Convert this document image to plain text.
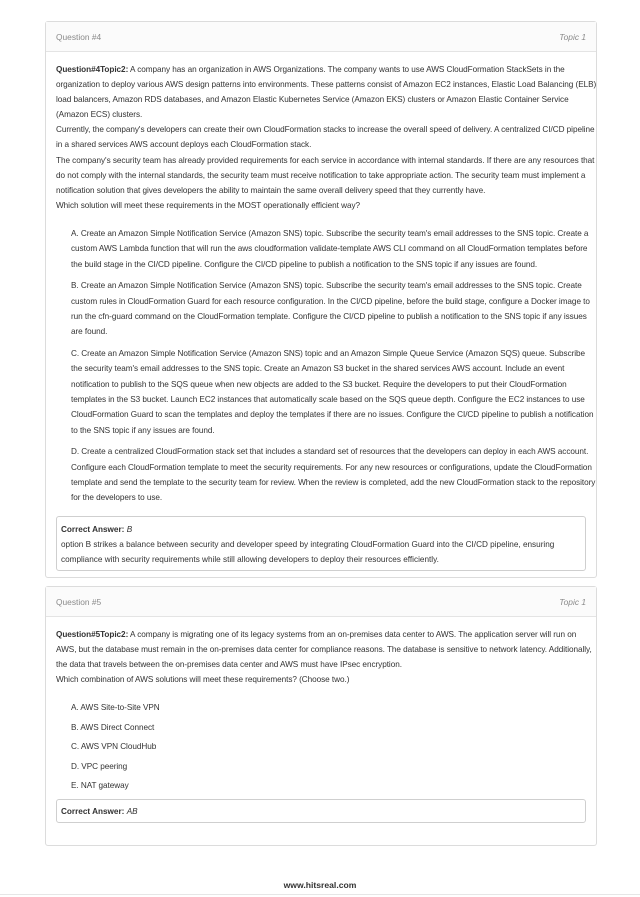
Question #4	Topic 1

Question#4Topic2: A company has an organization in AWS Organizations. The company wants to use AWS CloudFormation StackSets in the organization to deploy various AWS design patterns into environments. These patterns consist of Amazon EC2 instances, Elastic Load Balancing (ELB) load balancers, Amazon RDS databases, and Amazon Elastic Kubernetes Service (Amazon EKS) clusters or Amazon Elastic Container Service (Amazon ECS) clusters.

Currently, the company's developers can create their own CloudFormation stacks to increase the overall speed of delivery. A centralized CI/CD pipeline in a shared services AWS account deploys each CloudFormation stack.

The company's security team has already provided requirements for each service in accordance with internal standards. If there are any resources that do not comply with the internal standards, the security team must receive notification to take appropriate action. The security team must implement a notification solution that gives developers the ability to maintain the same overall delivery speed that they currently have.

Which solution will meet these requirements in the MOST operationally efficient way?

A. Create an Amazon Simple Notification Service (Amazon SNS) topic. Subscribe the security team's email addresses to the SNS topic. Create a custom AWS Lambda function that will run the aws cloudformation validate-template AWS CLI command on all CloudFormation templates before the build stage in the CI/CD pipeline. Configure the CI/CD pipeline to publish a notification to the SNS topic if any issues are found.
B. Create an Amazon Simple Notification Service (Amazon SNS) topic. Subscribe the security team's email addresses to the SNS topic. Create custom rules in CloudFormation Guard for each resource configuration. In the CI/CD pipeline, before the build stage, configure a Docker image to run the cfn-guard command on the CloudFormation template. Configure the CI/CD pipeline to publish a notification to the SNS topic if any issues are found.
C. Create an Amazon Simple Notification Service (Amazon SNS) topic and an Amazon Simple Queue Service (Amazon SQS) queue. Subscribe the security team's email addresses to the SNS topic. Create an Amazon S3 bucket in the shared services AWS account. Include an event notification to publish to the SQS queue when new objects are added to the S3 bucket. Require the developers to put their CloudFormation templates in the S3 bucket. Launch EC2 instances that automatically scale based on the SQS queue depth. Configure the EC2 instances to use CloudFormation Guard to scan the templates and deploy the templates if there are no issues. Configure the CI/CD pipeline to publish a notification to the SNS topic if any issues are found.
D. Create a centralized CloudFormation stack set that includes a standard set of resources that the developers can deploy in each AWS account. Configure each CloudFormation template to meet the security requirements. For any new resources or configurations, update the CloudFormation template and send the template to the security team for review. When the review is completed, add the new CloudFormation stack to the repository for the developers to use.
Correct Answer: B
option B strikes a balance between security and developer speed by integrating CloudFormation Guard into the CI/CD pipeline, ensuring compliance with security requirements while still allowing developers to deploy their resources efficiently.
Question #5	Topic 1

Question#5Topic2: A company is migrating one of its legacy systems from an on-premises data center to AWS. The application server will run on AWS, but the database must remain in the on-premises data center for compliance reasons. The database is sensitive to network latency. Additionally, the data that travels between the on-premises data center and AWS must have IPsec encryption.

Which combination of AWS solutions will meet these requirements? (Choose two.)

A. AWS Site-to-Site VPN
B. AWS Direct Connect
C. AWS VPN CloudHub
D. VPC peering
E. NAT gateway
Correct Answer: AB
www.hitsreal.com
